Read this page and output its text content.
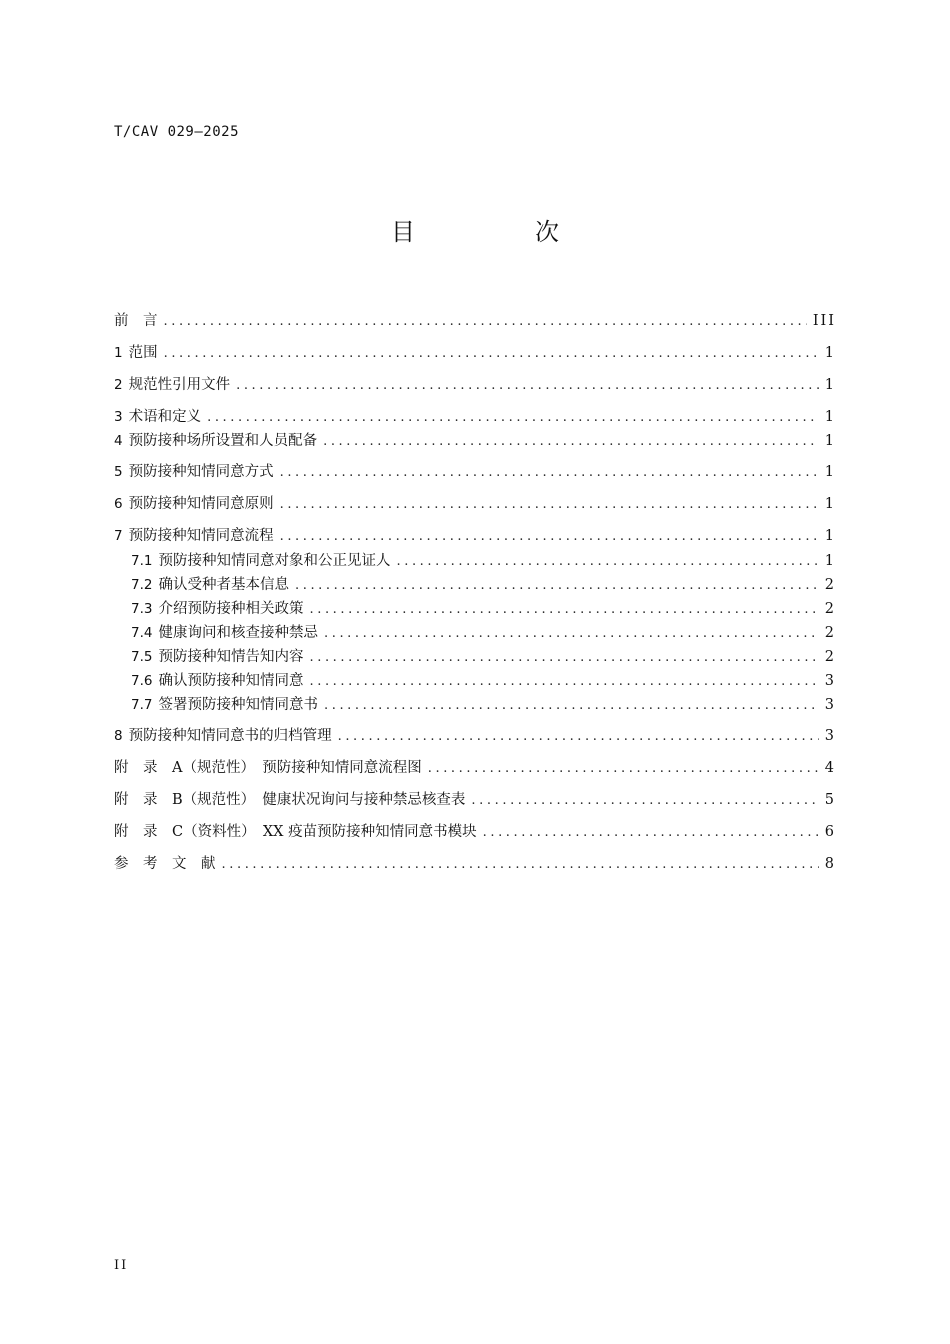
T/CAV 029—2025
目　次
前　言 .....	III
1 范围 .....	1
2 规范性引用文件 .....	1
3 术语和定义 .....	1
4 预防接种场所设置和人员配备 .....	1
5 预防接种知情同意方式 .....	1
6 预防接种知情同意原则 .....	1
7 预防接种知情同意流程 .....	1
7.1 预防接种知情同意对象和公正见证人 .....	1
7.2 确认受种者基本信息 .....	2
7.3 介绍预防接种相关政策 .....	2
7.4 健康询问和核查接种禁忌 .....	2
7.5 预防接种知情告知内容 .....	2
7.6 确认预防接种知情同意 .....	3
7.7 签署预防接种知情同意书 .....	3
8 预防接种知情同意书的归档管理 .....	3
附　录　A（规范性）　预防接种知情同意流程图 .....	4
附　录　B（规范性）　健康状况询问与接种禁忌核查表 .....	5
附　录　C（资料性）　XX 疫苗预防接种知情同意书模块 .....	6
参　考　文　献 .....	8
II
